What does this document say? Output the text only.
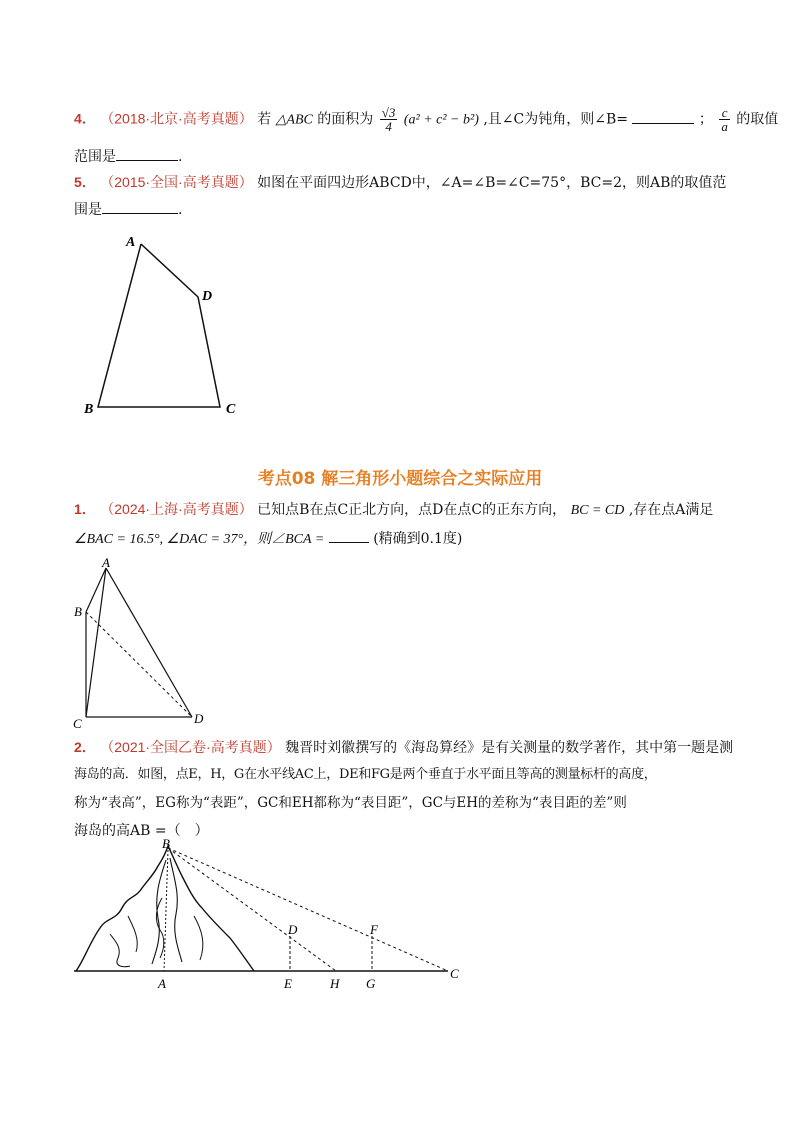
4． （2018·北京·高考真题） 若 △ABC 的面积为 $\frac{√3}{4} (a^2 + c^2 - b^2)$ ,且∠C为钝角，则∠B=	； $\frac{c}{a}$ 的取值
范围是	.
5． （2015·全国·高考真题） 如图在平面四边形ABCD中，∠A=∠B=∠C=75°，BC=2，则AB的取值范
围是	.
A
D
B	C
考点08 解三角形小题综合之实际应用
1． （2024·上海·高考真题） 已知点B在点C正北方向，点D在点C的正东方向， BC = CD ,存在点A满足
∠BAC = 16.5°, ∠DAC = 37°，则∠BCA =	(精确到0.1度)
A
B
C	D
2． （2021·全国乙卷·高考真题） 魏晋时刘徽撰写的《海岛算经》是有关测量的数学著作，其中第一题是测
海岛的高．如图，点E，H，G在水平线AC上，DE和FG是两个垂直于水平面且等高的测量标杆的高度，
称为“表高”，EG称为“表距”，GC和EH都称为“表目距”，GC与EH的差称为“表目距的差”则
海岛的高AB =（　）
B
A
D	F
E	H G
C
